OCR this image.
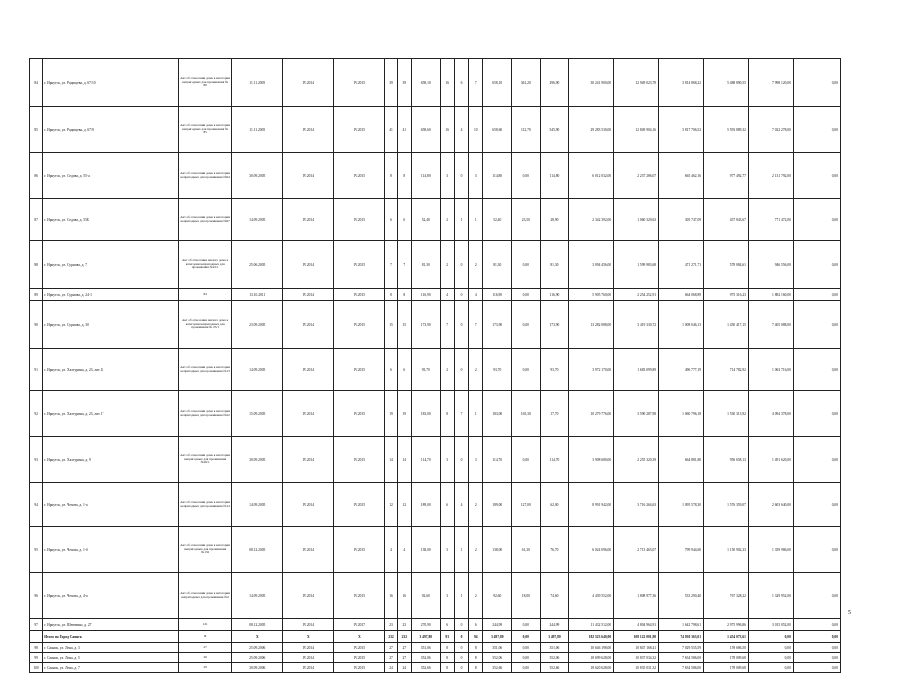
84	г. Иркутск, ул. Радищева, д. 67/10	Акт об отнесении дома к категории непригодных для проживания № 86	11.11.2005	IV.2014	IV.2015	39	39	658,10	16	6	7	658,10	361,20	296,90	30 241 900,00	12 949 023,78	3 814 868,22	5 488 890,55	7 998 120,00	0,00
85	г. Иркутск, ул. Радищева, д. 67/9	Акт об отнесении дома к категории непригодных для проживания № 85	11.11.2005	IV.2014	IV.2015	41	41	658,60	16	4	10	658,60	112,70	545,90	29 283 530,00	12 849 904,16	3 817 706,52	5 593 889,32	7 022 278,00	0,00
86	г. Иркутск, ул. Седова, д. 55-а	Акт об отнесении дома к категории непригодных для проживания №64	30.09.2005	IV.2014	IV.2015	8	8	114,80	3	0	3	114,80	0,00	114,80	6 012 032,00	2 237 286,07	665 462,16	977 492,77	2 131 792,00	0,00
87	г. Иркутск, ул. Седова, д. 55Б	Акт об отнесении дома к категории непригодных для проживания №67	14.09.2005	IV.2014	IV.2015	6	6	52,40	2	1	1	52,40	23,50	28,90	2 342 392,00	1 060 329,63	305 747,09	457 843,67	771 472,00	0,00
88	г. Иркутск, ул. Сурнова, д. 7	Акт об отнесении жилого дома к категории непригодных для проживания №22/1	25.06.2005	IV.2014	IV.2015	7	7	81,30	2	0	2	81,30	0,00	81,30	3 094 456,00	1 599 983,68	471 271,71	578 084,61	946 556,00	0,00
89	г. Иркутск, ул. Сурнова, д. 24-1	84	13.10.2011	IV.2014	IV.2015	8	8	116,90	4	0	4	116,90	0,00	116,90	5 905 760,00	2 254 252,91	664 068,89	975 316,23	1 882 160,00	0,00
90	г. Иркутск, ул. Сурнова, д. 30	Акт об отнесении жилого дома к категории непригодных для проживания № 23/1	23.09.2005	IV.2014	IV.2015	15	15	173,90	7	0	7	173,90	0,00	173,90	13 282 088,00	3 419 330,72	1 008 046,13	1 450 417,15	7 405 088,00	0,00
91	г. Иркутск, ул. Халтурина, д. 23, лит. Б	Акт об отнесении дома к категории непригодных для проживания №13	14.09.2005	IV.2014	IV.2015	6	6	93,70	2	0	2	93,70	0,00	93,70	3 972 170,00	1 683 099,89	496 777,19	714 782,92	1 063 716,00	0,00
92	г. Иркутск, ул. Халтурина, д. 23, лит. Г	Акт об отнесении дома к категории непригодных для проживания №22	15.09.2005	IV.2014	IV.2015	19	19	183,00	8	7	1	183,00	165,30	17,70	10 279 776,00	3 590 287,98	1 060 796,18	1 530 313,92	4 094 378,00	0,00
93	г. Иркутск, ул. Халтурина, д. 9	Акт об отнесении дома к категории непригодных для проживания №20/1	30.09.2005	IV.2014	IV.2015	14	14	114,70	3	0	3	114,70	0,00	114,70	3 908 680,00	2 255 320,39	664 881,80	956 658,13	1 491 620,00	0,00
94	г. Иркутск, ул. Чехова, д. 1-а	Акт об отнесении дома к категории непригодных для проживания №14	14.09.2005	IV.2014	IV.2015	12	12	189,00	6	4	2	189,00	127,00	62,00	8 991 942,00	3 716 264,63	1 095 578,30	1 576 359,07	2 603 640,00	0,00
95	г. Иркутск, ул. Чехова, д. 1-б	Акт об отнесении дома к категории непригодных для проживания №132	08.12.2005	IV.2014	IV.2015	4	4	138,00	3	1	2	138,00	61,30	76,70	6 024 096,00	2 713 463,07	799 944,60	1 150 902,33	1 359 986,00	0,00
96	г. Иркутск, ул. Чехова, д. 4-а	Акт об отнесении дома к категории непригодных для проживания №2	14.09.2005	IV.2014	IV.2015	16	16	92,60	3	1	2	92,60	18,00	74,60	4 439 552,00	1 808 977,36	533 290,40	767 328,22	1 329 952,00	0,00
97	г. Иркутск, ул. Шевченко, д. 27	121	08.12.2005	IV.2014	IV.2017	23	23	270,90	6	0	6	244,99	0,00	244,99	11 432 512,00	4 804 964,91	1 642 798,61	2 975 996,86	3 015 052,00	0,00
	Итого по Город Саянск	X	X	X	X	232	232	3 497,80	93	0	94	3 497,80	0,00	3 497,80	182 523 640,00	108 122 001,98	74 030 363,01	1 454 073,61	0,00	0,00
98	г. Саянск, ул. Лена, д. 3	27	25.09.2006	IV.2014	IV.2015	27	27	351,06	8	0	8	351,06	0,00	351,06	10 646 198,00	10 847 168,41	7 029 555,59	159 686,50	0,00	0,00
99	г. Саянск, ул. Лена, д. 5	26	25.09.2006	IV.2014	IV.2015	27	27	352,06	8	0	8	352,06	0,00	352,06	18 699 628,00	10 837 034,32	7 634 586,00	178 009,68	0,00	0,00
100	г. Саянск, ул. Лена, д. 7	29	30.09.2006	IV.2014	IV.2015	24	24	352,66	8	0	8	352,66	0,00	352,66	18 620 628,00	10 835 031,32	7 634 586,00	178 009,68	0,00	0,00
5
